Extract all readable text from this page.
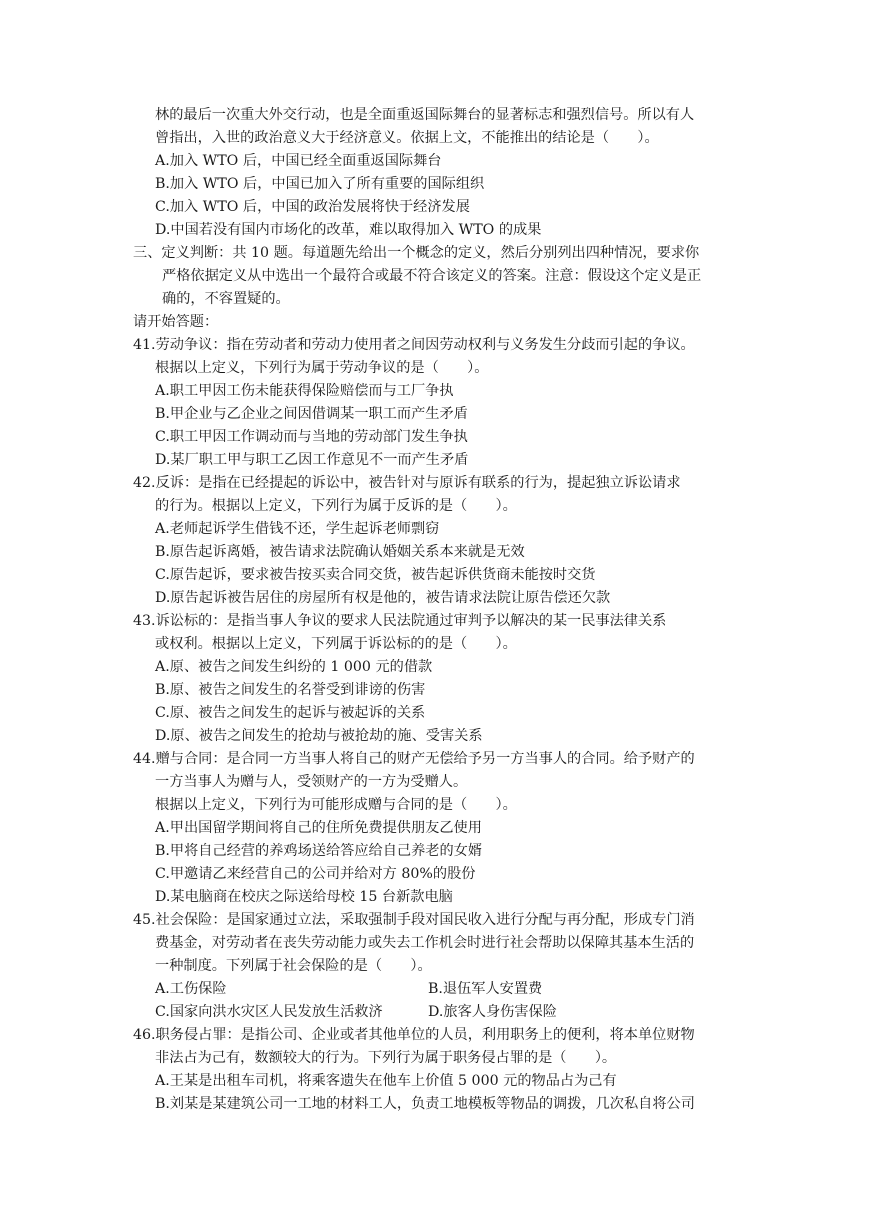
林的最后一次重大外交行动，也是全面重返国际舞台的显著标志和强烈信号。所以有人
曾指出，入世的政治意义大于经济意义。依据上文，不能推出的结论是（　　）。
A.加入 WTO 后，中国已经全面重返国际舞台
B.加入 WTO 后，中国已加入了所有重要的国际组织
C.加入 WTO 后，中国的政治发展将快于经济发展
D.中国若没有国内市场化的改革，难以取得加入 WTO 的成果
三、定义判断：共 10 题。每道题先给出一个概念的定义，然后分别列出四种情况，要求你
严格依据定义从中选出一个最符合或最不符合该定义的答案。注意：假设这个定义是正
确的，不容置疑的。
请开始答题：
41.劳动争议：指在劳动者和劳动力使用者之间因劳动权利与义务发生分歧而引起的争议。
根据以上定义，下列行为属于劳动争议的是（　　）。
A.职工甲因工伤未能获得保险赔偿而与工厂争执
B.甲企业与乙企业之间因借调某一职工而产生矛盾
C.职工甲因工作调动而与当地的劳动部门发生争执
D.某厂职工甲与职工乙因工作意见不一而产生矛盾
42.反诉：是指在已经提起的诉讼中，被告针对与原诉有联系的行为，提起独立诉讼请求
的行为。根据以上定义，下列行为属于反诉的是（　　）。
A.老师起诉学生借钱不还，学生起诉老师剽窃
B.原告起诉离婚，被告请求法院确认婚姻关系本来就是无效
C.原告起诉，要求被告按买卖合同交货，被告起诉供货商未能按时交货
D.原告起诉被告居住的房屋所有权是他的，被告请求法院让原告偿还欠款
43.诉讼标的：是指当事人争议的要求人民法院通过审判予以解决的某一民事法律关系
或权利。根据以上定义，下列属于诉讼标的的是（　　）。
A.原、被告之间发生纠纷的 1 000 元的借款
B.原、被告之间发生的名誉受到诽谤的伤害
C.原、被告之间发生的起诉与被起诉的关系
D.原、被告之间发生的抢劫与被抢劫的施、受害关系
44.赠与合同：是合同一方当事人将自己的财产无偿给予另一方当事人的合同。给予财产的
一方当事人为赠与人，受领财产的一方为受赠人。
根据以上定义，下列行为可能形成赠与合同的是（　　）。
A.甲出国留学期间将自己的住所免费提供朋友乙使用
B.甲将自己经营的养鸡场送给答应给自己养老的女婿
C.甲邀请乙来经营自己的公司并给对方 80%的股份
D.某电脑商在校庆之际送给母校 15 台新款电脑
45.社会保险：是国家通过立法，采取强制手段对国民收入进行分配与再分配，形成专门消
费基金，对劳动者在丧失劳动能力或失去工作机会时进行社会帮助以保障其基本生活的
一种制度。下列属于社会保险的是（　　）。
A.工伤保险	B.退伍军人安置费
C.国家向洪水灾区人民发放生活救济	D.旅客人身伤害保险
46.职务侵占罪：是指公司、企业或者其他单位的人员，利用职务上的便利，将本单位财物
非法占为己有，数额较大的行为。下列行为属于职务侵占罪的是（　　）。
A.王某是出租车司机，将乘客遗失在他车上价值 5 000 元的物品占为己有
B.刘某是某建筑公司一工地的材料工人，负责工地模板等物品的调拨，几次私自将公司
